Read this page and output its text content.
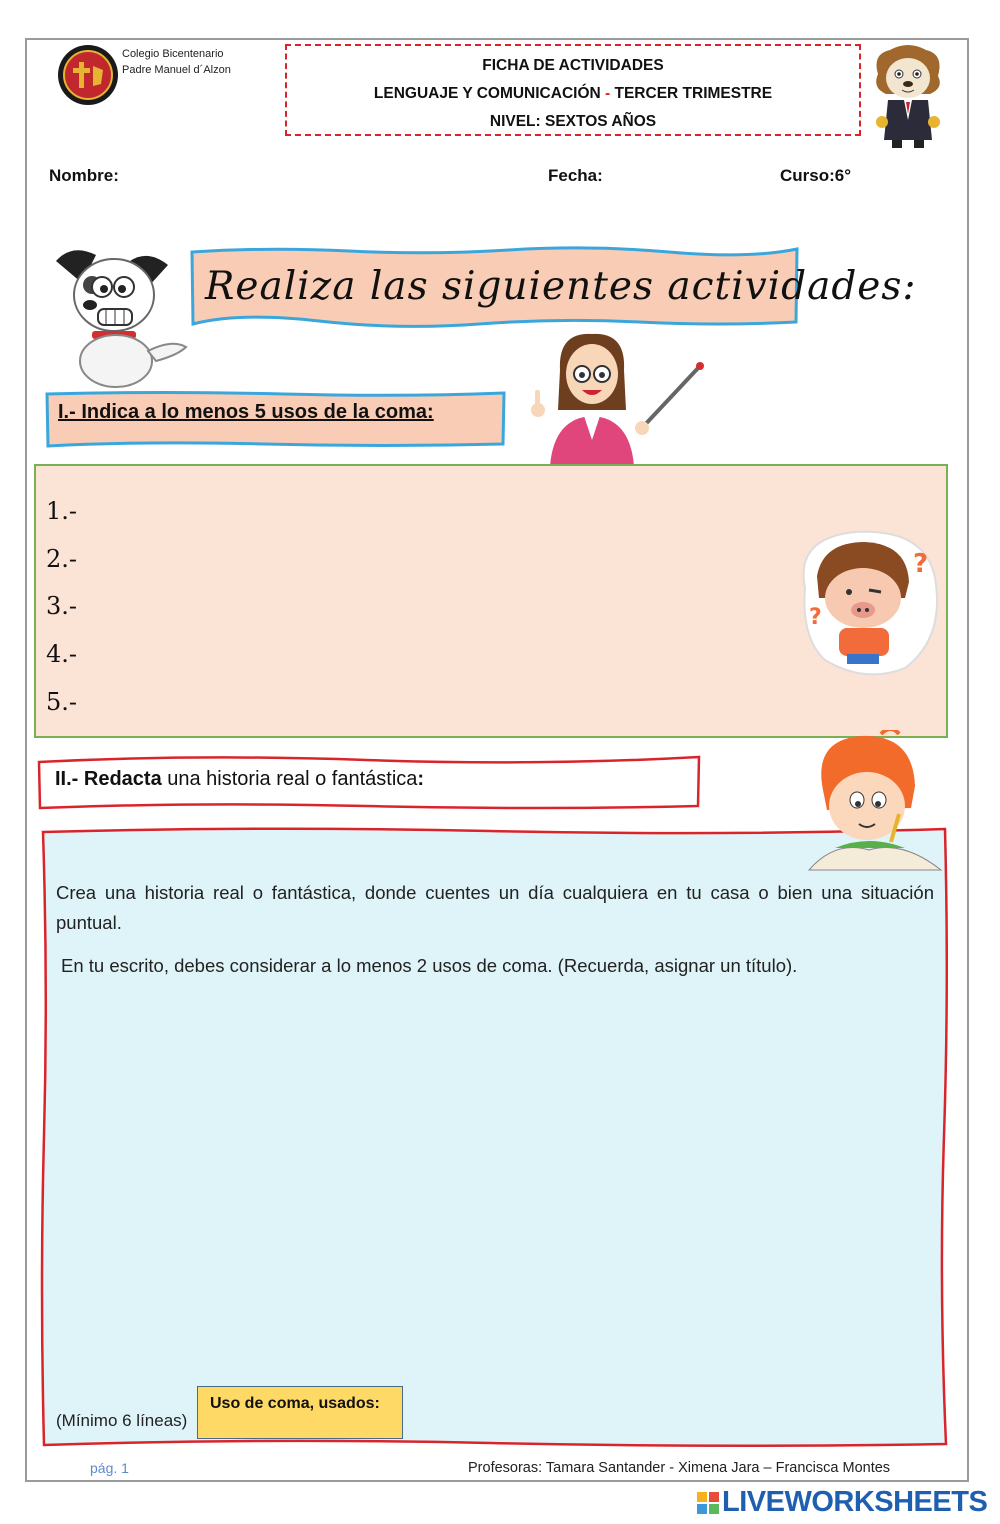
Colegio Bicentenario
Padre Manuel d´Alzon	FICHA DE ACTIVIDADES
LENGUAJE Y COMUNICACIÓN - TERCER TRIMESTRE
NIVEL: SEXTOS AÑOS
Nombre:	Fecha:	Curso:6°
Realiza las siguientes actividades:
I.- Indica a lo menos 5 usos de la coma:
1.-
2.-
3.-
4.-
5.-
?
?
II.- Redacta una historia real o fantástica:
Crea una historia real o fantástica, donde cuentes un día cualquiera en tu casa o bien una situación puntual.
En tu escrito, debes considerar a lo menos 2 usos de coma. (Recuerda, asignar un título).
(Mínimo 6 líneas)
Uso de coma, usados:
pág. 1	Profesoras: Tamara Santander - Ximena Jara – Francisca Montes
LIVEWORKSHEETS
